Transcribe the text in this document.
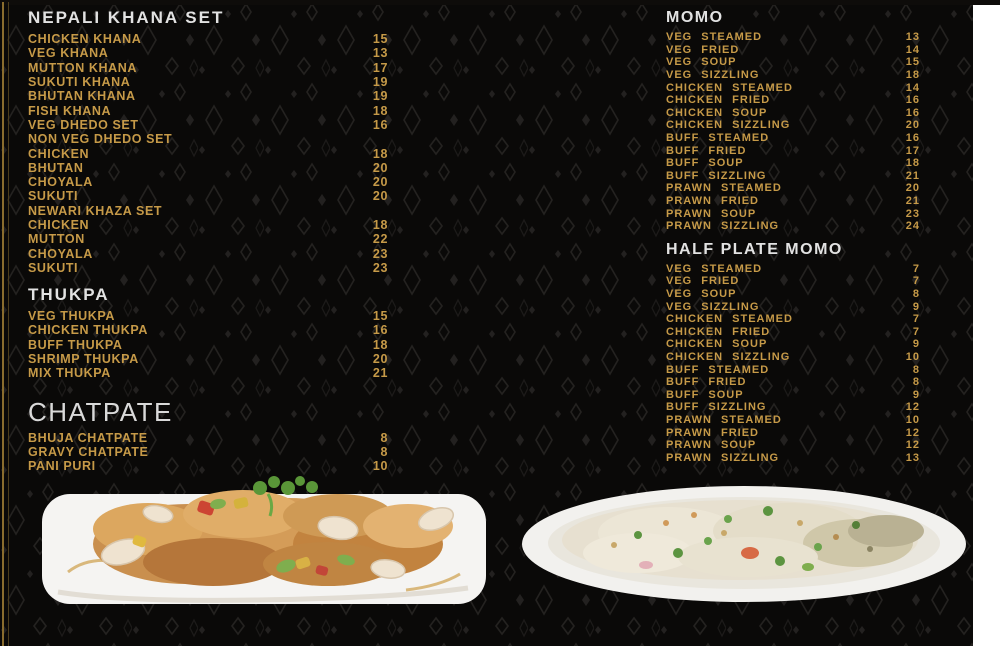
NEPALI KHANA SET
CHICKEN KHANA	15
VEG KHANA	13
MUTTON KHANA	17
SUKUTI KHANA	19
BHUTAN KHANA	19
FISH KHANA	18
VEG DHEDO SET	16
NON VEG DHEDO SET
CHICKEN	18
BHUTAN	20
CHOYALA	20
SUKUTI	20
NEWARI KHAZA SET
CHICKEN	18
MUTTON	22
CHOYALA	23
SUKUTI	23
THUKPA
VEG THUKPA	15
CHICKEN THUKPA	16
BUFF THUKPA	18
SHRIMP THUKPA	20
MIX THUKPA	21
CHATPATE
BHUJA CHATPATE	8
GRAVY CHATPATE	8
PANI PURI	10
MOMO
VEG STEAMED	13
VEG FRIED	14
VEG SOUP	15
VEG SIZZLING	18
CHICKEN STEAMED	14
CHICKEN FRIED	16
CHICKEN SOUP	16
CHICKEN SIZZLING	20
BUFF STEAMED	16
BUFF FRIED	17
BUFF SOUP	18
BUFF SIZZLING	21
PRAWN STEAMED	20
PRAWN FRIED	21
PRAWN SOUP	23
PRAWN SIZZLING	24
HALF PLATE MOMO
VEG STEAMED	7
VEG FRIED	7
VEG SOUP	8
VEG SIZZLING	9
CHICKEN STEAMED	7
CHICKEN FRIED	7
CHICKEN SOUP	9
CHICKEN SIZZLING	10
BUFF STEAMED	8
BUFF FRIED	8
BUFF SOUP	9
BUFF SIZZLING	12
PRAWN STEAMED	10
PRAWN FRIED	12
PRAWN SOUP	12
PRAWN SIZZLING	13
